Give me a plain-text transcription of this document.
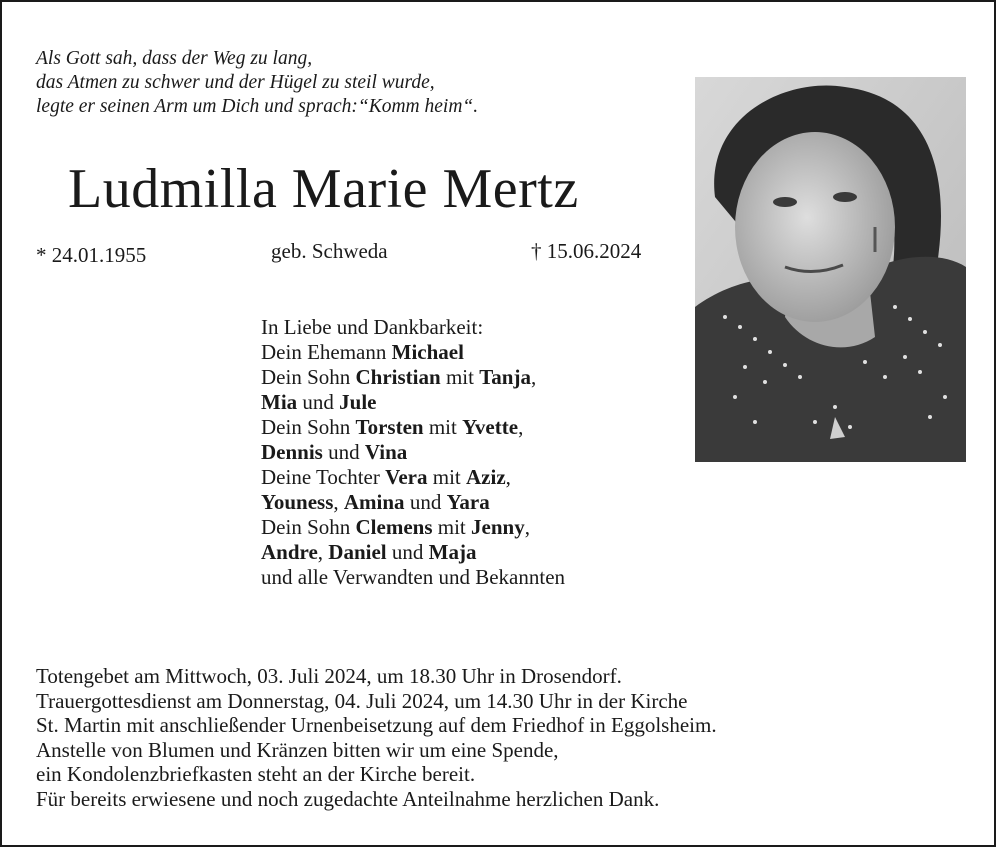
Als Gott sah, dass der Weg zu lang,
das Atmen zu schwer und der Hügel zu steil wurde,
legte er seinen Arm um Dich und sprach:“Komm heim“.
Ludmilla Marie Mertz
* 24.01.1955	geb. Schweda	† 15.06.2024
In Liebe und Dankbarkeit:
Dein Ehemann Michael
Dein Sohn Christian mit Tanja,
Mia und Jule
Dein Sohn Torsten mit Yvette,
Dennis und Vina
Deine Tochter Vera mit Aziz,
Youness, Amina und Yara
Dein Sohn Clemens mit Jenny,
Andre, Daniel und Maja
und alle Verwandten und Bekannten
Totengebet am Mittwoch, 03. Juli 2024, um 18.30 Uhr in Drosendorf.
Trauergottesdienst am Donnerstag, 04. Juli 2024, um 14.30 Uhr in der Kirche
St. Martin mit anschließender Urnenbeisetzung auf dem Friedhof in Eggolsheim.
Anstelle von Blumen und Kränzen bitten wir um eine Spende,
ein Kondolenzbriefkasten steht an der Kirche bereit.
Für bereits erwiesene und noch zugedachte Anteilnahme herzlichen Dank.
